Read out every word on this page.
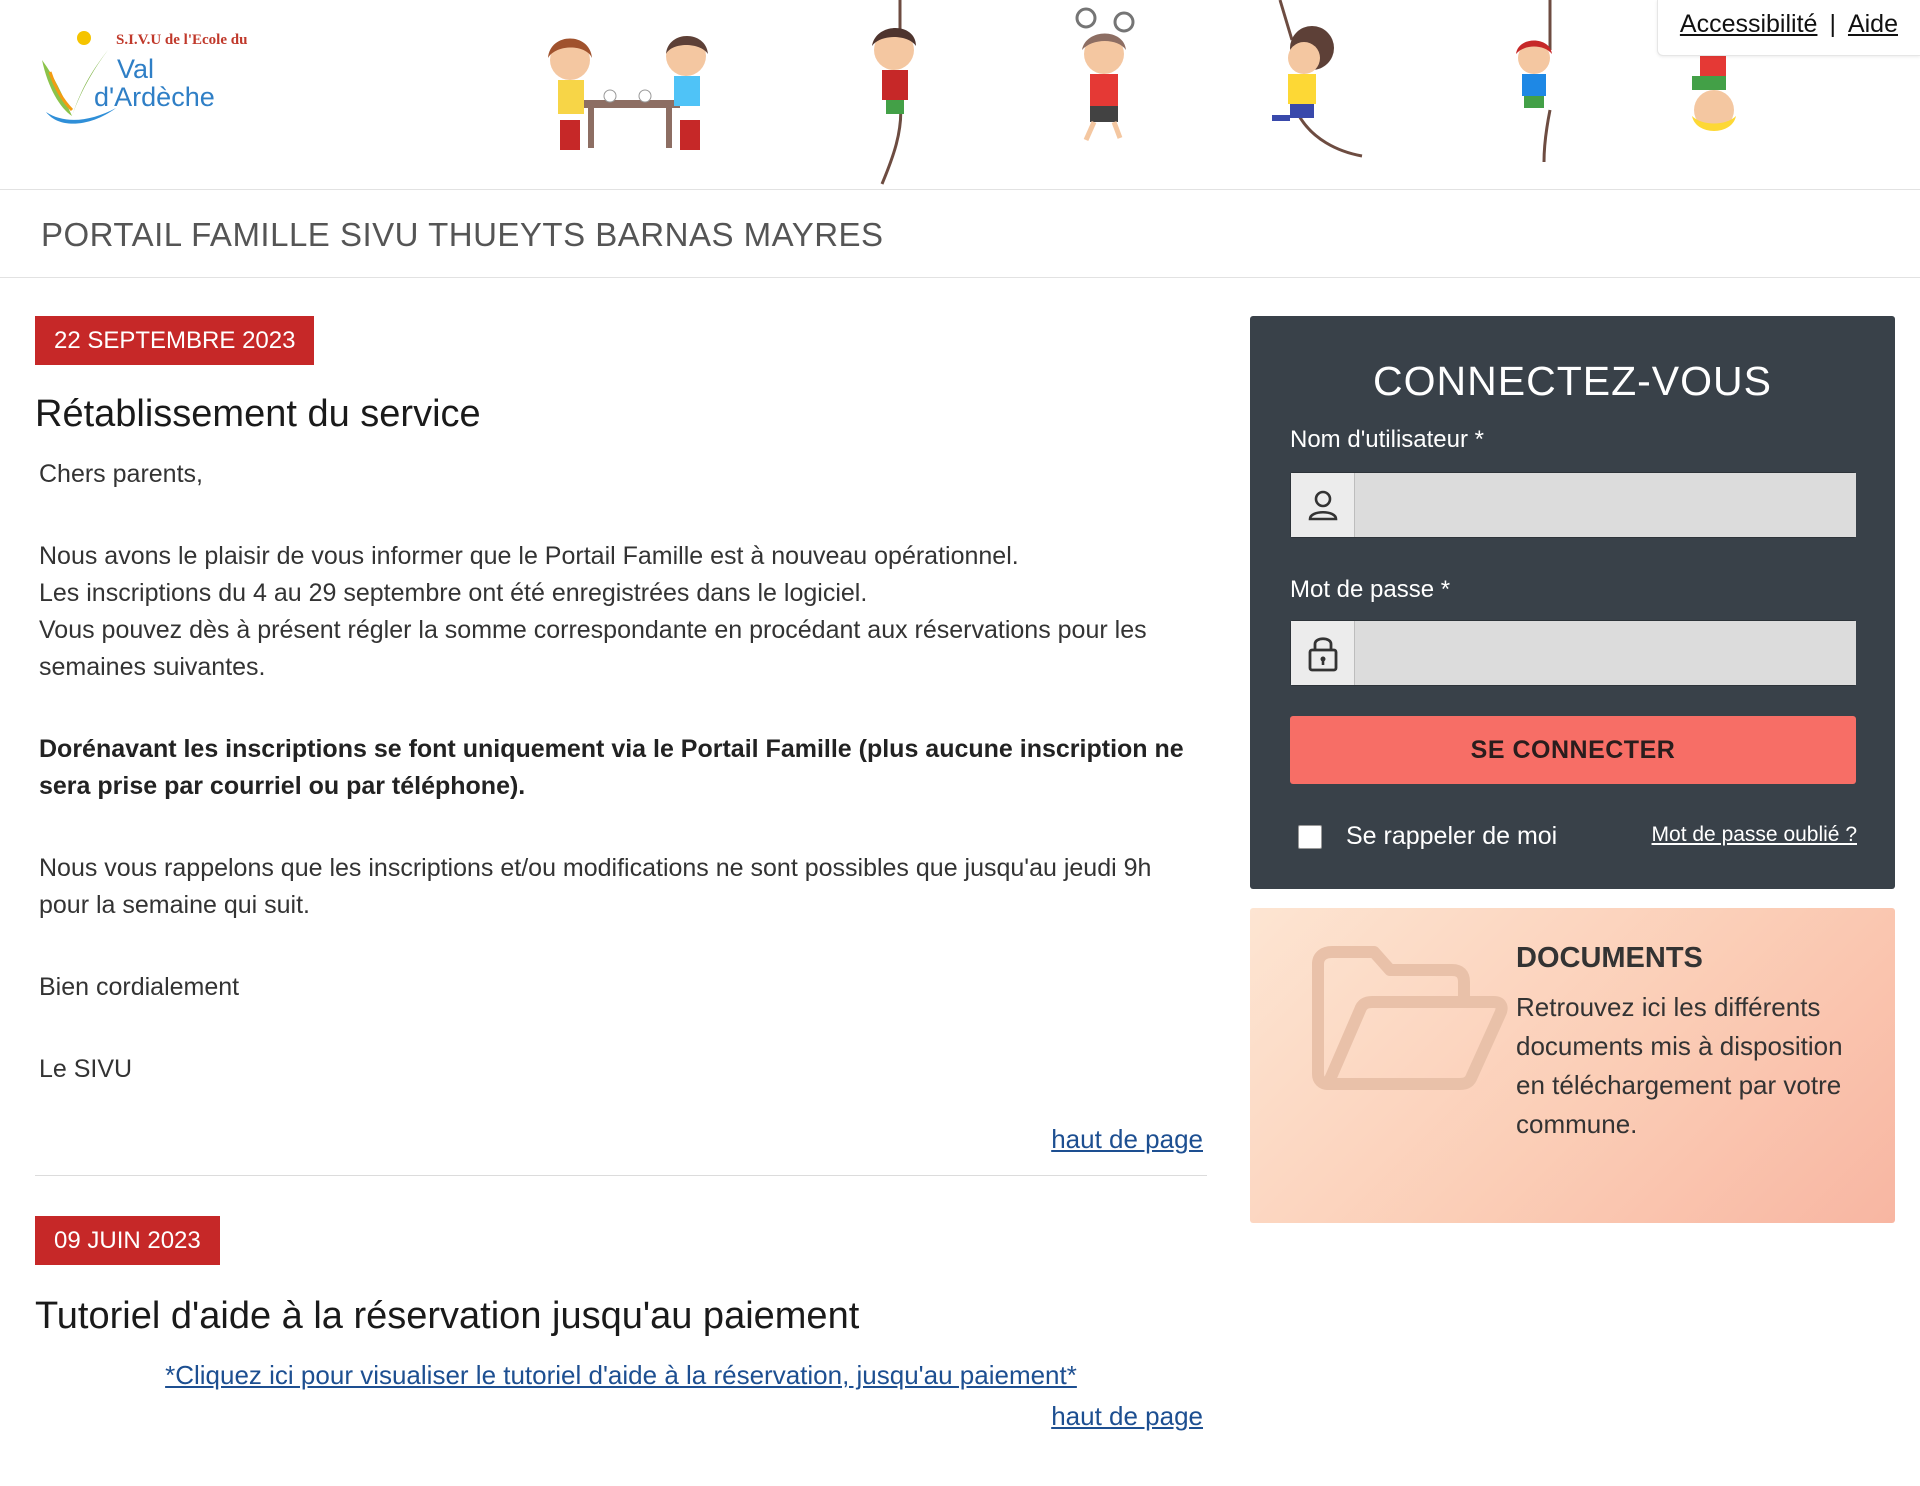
S.I.V.U de l'Ecole du
Val
d'Ardèche
Accessibilité | Aide
PORTAIL FAMILLE SIVU THUEYTS BARNAS MAYRES
22 SEPTEMBRE 2023
Rétablissement du service

Chers parents,

Nous avons le plaisir de vous informer que le Portail Famille est à nouveau opérationnel.

Les inscriptions du 4 au 29 septembre ont été enregistrées dans le logiciel.

Vous pouvez dès à présent régler la somme correspondante en procédant aux réservations pour les semaines suivantes.

Dorénavant les inscriptions se font uniquement via le Portail Famille (plus aucune inscription ne sera prise par courriel ou par téléphone).

Nous vous rappelons que les inscriptions et/ou modifications ne sont possibles que jusqu'au jeudi 9h pour la semaine qui suit.

Bien cordialement

Le SIVU

haut de page
09 JUIN 2023
Tutoriel d'aide à la réservation jusqu'au paiement
*Cliquez ici pour visualiser le tutoriel d'aide à la réservation, jusqu'au paiement*
haut de page
CONNECTEZ-VOUS
Nom d'utilisateur *
Mot de passe *
SE CONNECTER
Se rappeler de moi	Mot de passe oublié ?
DOCUMENTS

Retrouvez ici les différents documents mis à disposition en téléchargement par votre commune.
